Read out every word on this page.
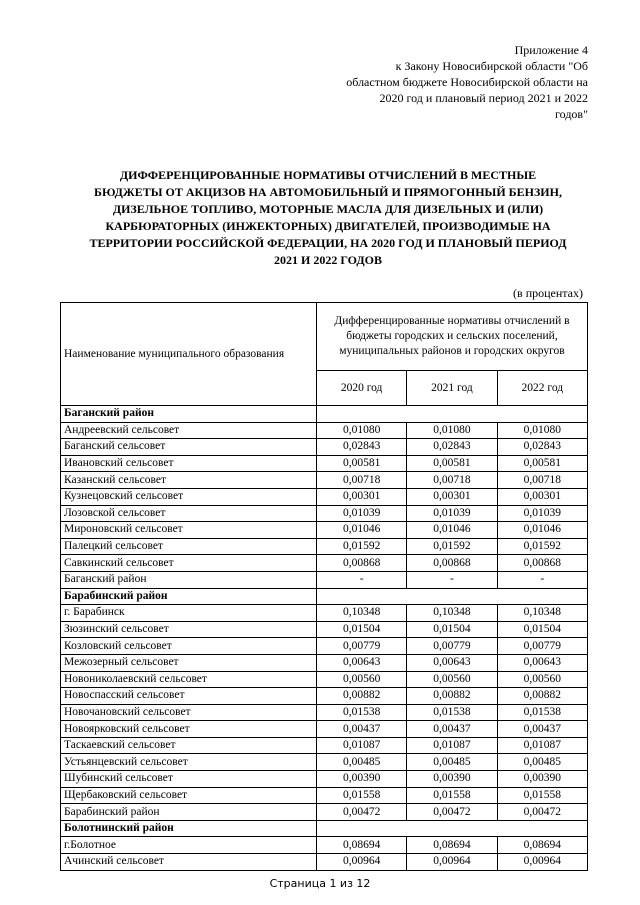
Приложение 4
к Закону Новосибирской области "Об
областном бюджете Новосибирской области на
2020 год и плановый период 2021 и 2022
годов"
ДИФФЕРЕНЦИРОВАННЫЕ НОРМАТИВЫ ОТЧИСЛЕНИЙ В МЕСТНЫЕ
БЮДЖЕТЫ ОТ АКЦИЗОВ НА АВТОМОБИЛЬНЫЙ И ПРЯМОГОННЫЙ БЕНЗИН,
ДИЗЕЛЬНОЕ ТОПЛИВО, МОТОРНЫЕ МАСЛА ДЛЯ ДИЗЕЛЬНЫХ И (ИЛИ)
КАРБЮРАТОРНЫХ (ИНЖЕКТОРНЫХ) ДВИГАТЕЛЕЙ, ПРОИЗВОДИМЫЕ НА
ТЕРРИТОРИИ РОССИЙСКОЙ ФЕДЕРАЦИИ, НА 2020 ГОД И ПЛАНОВЫЙ ПЕРИОД
2021 И 2022 ГОДОВ
(в процентах)
Наименование муниципального образования	Дифференцированные нормативы отчислений в бюджеты городских и сельских поселений, муниципальных районов и городских округов		
	2020 год	2021 год	2022 год
Баганский район			
Андреевский сельсовет	0,01080	0,01080	0,01080
Баганский сельсовет	0,02843	0,02843	0,02843
Ивановский сельсовет	0,00581	0,00581	0,00581
Казанский сельсовет	0,00718	0,00718	0,00718
Кузнецовский сельсовет	0,00301	0,00301	0,00301
Лозовской сельсовет	0,01039	0,01039	0,01039
Мироновский сельсовет	0,01046	0,01046	0,01046
Палецкий сельсовет	0,01592	0,01592	0,01592
Савкинский сельсовет	0,00868	0,00868	0,00868
Баганский район	-	-	-
Барабинский район			
г. Барабинск	0,10348	0,10348	0,10348
Зюзинский сельсовет	0,01504	0,01504	0,01504
Козловский сельсовет	0,00779	0,00779	0,00779
Межозерный сельсовет	0,00643	0,00643	0,00643
Новониколаевский сельсовет	0,00560	0,00560	0,00560
Новоспасский сельсовет	0,00882	0,00882	0,00882
Новочановский сельсовет	0,01538	0,01538	0,01538
Новоярковский сельсовет	0,00437	0,00437	0,00437
Таскаевский сельсовет	0,01087	0,01087	0,01087
Устьянцевский сельсовет	0,00485	0,00485	0,00485
Шубинский сельсовет	0,00390	0,00390	0,00390
Щербаковский сельсовет	0,01558	0,01558	0,01558
Барабинский район	0,00472	0,00472	0,00472
Болотнинский район			
г.Болотное	0,08694	0,08694	0,08694
Ачинский сельсовет	0,00964	0,00964	0,00964
Страница 1 из 12
